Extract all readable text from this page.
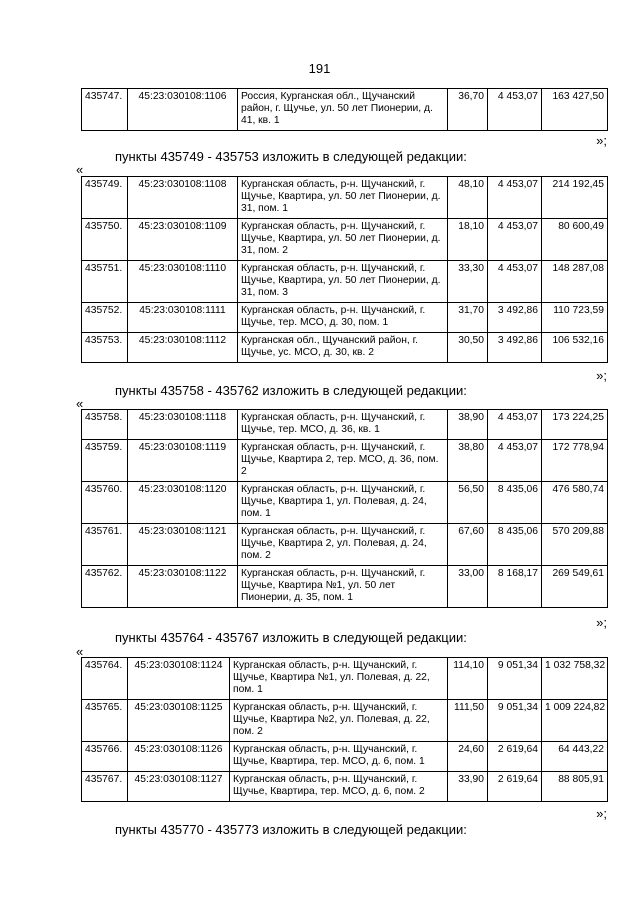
191
435747.	45:23:030108:1106	Россия, Курганская обл., Щучанский район, г. Щучье, ул. 50 лет Пионерии, д. 41, кв. 1	36,70	4 453,07	163 427,50
»;
пункты 435749 - 435753 изложить в следующей редакции:
«
435749.	45:23:030108:1108	Курганская область, р-н. Щучанский, г. Щучье, Квартира, ул. 50 лет Пионерии, д. 31, пом. 1	48,10	4 453,07	214 192,45
435750.	45:23:030108:1109	Курганская область, р-н. Щучанский, г. Щучье, Квартира, ул. 50 лет Пионерии, д. 31, пом. 2	18,10	4 453,07	80 600,49
435751.	45:23:030108:1110	Курганская область, р-н. Щучанский, г. Щучье, Квартира, ул. 50 лет Пионерии, д. 31, пом. 3	33,30	4 453,07	148 287,08
435752.	45:23:030108:1111	Курганская область, р-н. Щучанский, г. Щучье, тер. МСО, д. 30, пом. 1	31,70	3 492,86	110 723,59
435753.	45:23:030108:1112	Курганская обл., Щучанский район, г. Щучье, ус. МСО, д. 30, кв. 2	30,50	3 492,86	106 532,16
»;
пункты 435758 - 435762 изложить в следующей редакции:
«
435758.	45:23:030108:1118	Курганская область, р-н. Щучанский, г. Щучье, тер. МСО, д. 36, кв. 1	38,90	4 453,07	173 224,25
435759.	45:23:030108:1119	Курганская область, р-н. Щучанский, г. Щучье, Квартира 2, тер. МСО, д. 36, пом. 2	38,80	4 453,07	172 778,94
435760.	45:23:030108:1120	Курганская область, р-н. Щучанский, г. Щучье, Квартира 1, ул. Полевая, д. 24, пом. 1	56,50	8 435,06	476 580,74
435761.	45:23:030108:1121	Курганская область, р-н. Щучанский, г. Щучье, Квартира 2, ул. Полевая, д. 24, пом. 2	67,60	8 435,06	570 209,88
435762.	45:23:030108:1122	Курганская область, р-н. Щучанский, г. Щучье, Квартира №1, ул. 50 лет Пионерии, д. 35, пом. 1	33,00	8 168,17	269 549,61
»;
пункты 435764 - 435767 изложить в следующей редакции:
«
435764.	45:23:030108:1124	Курганская область, р-н. Щучанский, г. Щучье, Квартира №1, ул. Полевая, д. 22, пом. 1	114,10	9 051,34	1 032 758,32
435765.	45:23:030108:1125	Курганская область, р-н. Щучанский, г. Щучье, Квартира №2, ул. Полевая, д. 22, пом. 2	111,50	9 051,34	1 009 224,82
435766.	45:23:030108:1126	Курганская область, р-н. Щучанский, г. Щучье, Квартира, тер. МСО, д. 6, пом. 1	24,60	2 619,64	64 443,22
435767.	45:23:030108:1127	Курганская область, р-н. Щучанский, г. Щучье, Квартира, тер. МСО, д. 6, пом. 2	33,90	2 619,64	88 805,91
»;
пункты 435770 - 435773 изложить в следующей редакции:
